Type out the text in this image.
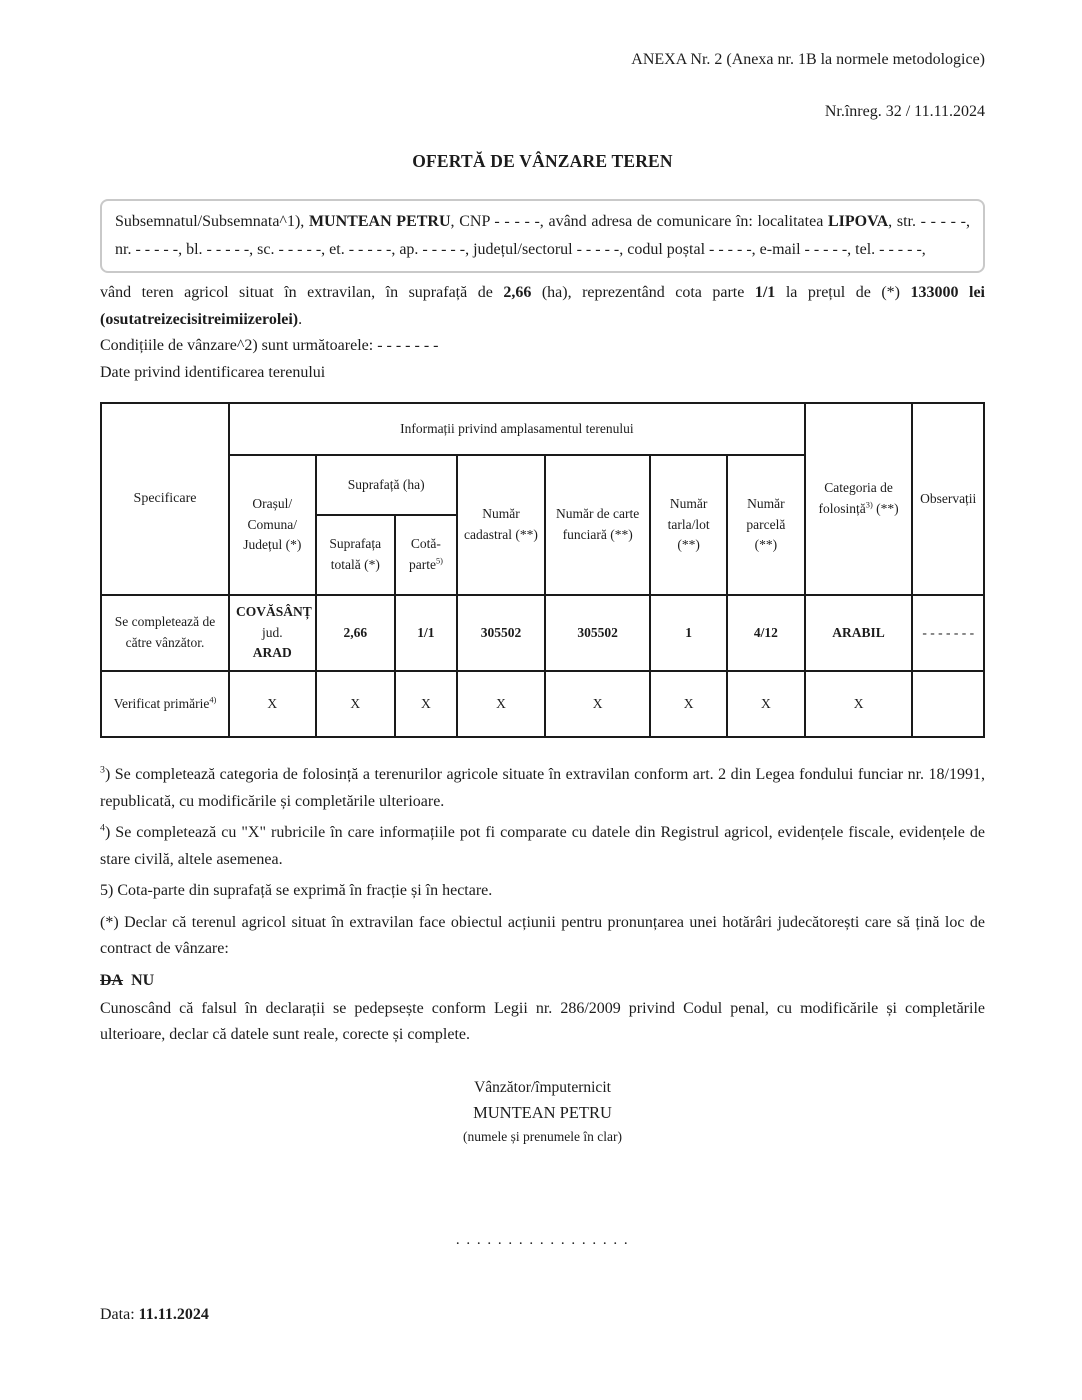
ANEXA Nr. 2 (Anexa nr. 1B la normele metodologice)

Nr.înreg. 32 / 11.11.2024

OFERTĂ DE VÂNZARE TEREN
Subsemnatul/Subsemnata^1), MUNTEAN PETRU, CNP - - - - -, având adresa de comunicare în: localitatea LIPOVA, str. - - - - -, nr. - - - - -, bl. - - - - -, sc. - - - - -, et. - - - - -, ap. - - - - -, județul/sectorul - - - - -, codul poștal - - - - -, e-mail - - - - -, tel. - - - - -,

vând teren agricol situat în extravilan, în suprafață de 2,66 (ha), reprezentând cota parte 1/1 la prețul de (*) 133000 lei (osutatreizecisitreimiizerolei).

Condițiile de vânzare^2) sunt următoarele: - - - - - - -

Date privind identificarea terenului

Specificare	Informații privind amplasamentul terenului							Categoria de folosință$^{3)}$ (**)	Observații
	Orașul/ Comuna/ Județul (*)	Suprafață (ha)		Număr cadastral (**)	Număr de carte funciară (**)	Număr tarla/lot (**)	Număr parcelă (**)		
		Suprafața totală (*)	Cotă-parte$^{5)}$
Se completează de către vânzător.	COVĂSÂNȚ
jud.
ARAD	2,66	1/1	305502	305502	1	4/12	ARABIL	- - - - - - -
Verificat primărie$^{4)}$	X	X	X	X	X	X	X	X	

$^3$) Se completează categoria de folosință a terenurilor agricole situate în extravilan conform art. 2 din Legea fondului funciar nr. 18/1991, republicată, cu modificările și completările ulterioare.

$^4$) Se completează cu "X" rubricile în care informațiile pot fi comparate cu datele din Registrul agricol, evidențele fiscale, evidențele de stare civilă, altele asemenea.

5) Cota-parte din suprafață se exprimă în fracție și în hectare.

(*) Declar că terenul agricol situat în extravilan face obiectul acțiunii pentru pronunțarea unei hotărâri judecătorești care să țină loc de contract de vânzare:

DA  NU

Cunoscând că falsul în declarații se pedepsește conform Legii nr. 286/2009 privind Codul penal, cu modificările și completările ulterioare, declar că datele sunt reale, corecte și complete.

Vânzător/împuternicit
MUNTEAN PETRU
(numele și prenumele în clar)
. . . . . . . . . . . . . . . . .

Data: 11.11.2024
